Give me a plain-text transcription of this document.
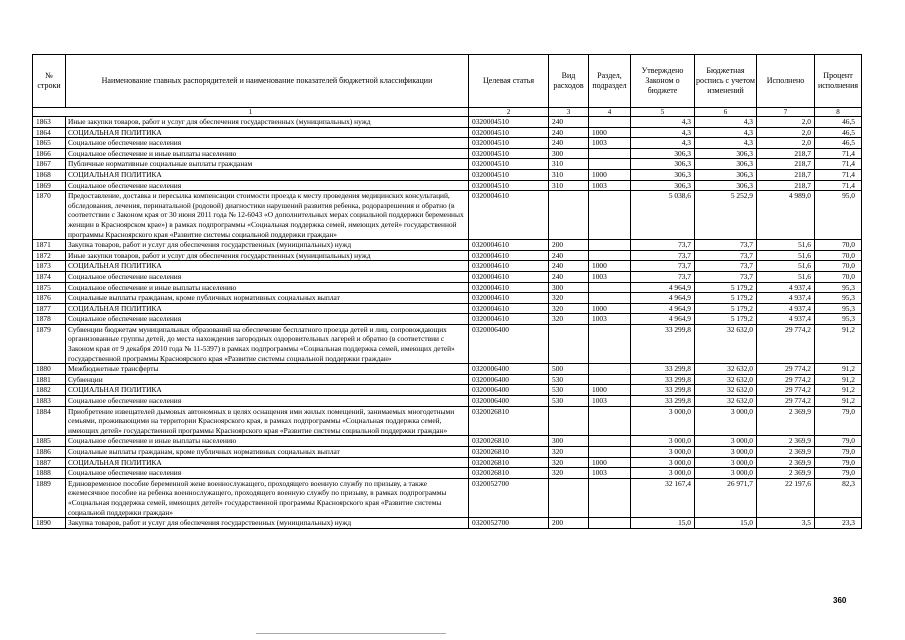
№ строки	Наименование главных распорядителей и наименование показателей бюджетной классификации	Целевая статья	Вид расходов	Раздел, подраздел	Утверждено Законом о бюджете	Бюджетная роспись с учетом изменений	Исполнено	Процент исполнения
1		2	3	4	5	6	7	8
1863	Иные закупки товаров, работ и услуг для обеспечения государственных (муниципальных) нужд	0320004510	240		4,3	4,3	2,0	46,5
1864	СОЦИАЛЬНАЯ ПОЛИТИКА	0320004510	240	1000	4,3	4,3	2,0	46,5
1865	Социальное обеспечение населения	0320004510	240	1003	4,3	4,3	2,0	46,5
1866	Социальное обеспечение и иные выплаты населению	0320004510	300		306,3	306,3	218,7	71,4
1867	Публичные нормативные социальные выплаты гражданам	0320004510	310		306,3	306,3	218,7	71,4
1868	СОЦИАЛЬНАЯ ПОЛИТИКА	0320004510	310	1000	306,3	306,3	218,7	71,4
1869	Социальное обеспечение населения	0320004510	310	1003	306,3	306,3	218,7	71,4
1870	Предоставление, доставка и пересылка компенсации стоимости проезда к месту проведения медицинских консультаций, обследования, лечения, перинатальной (родовой) диагностики нарушений развития ребенка, родоразрешения и обратно (в соответствии с Законом края от 30 июня 2011 года № 12-6043 «О дополнительных мерах социальной поддержки беременных женщин в Красноярском крае») в рамках подпрограммы «Социальная поддержка семей, имеющих детей» государственной программы Красноярского края «Развитие системы социальной поддержки граждан»	0320004610			5 038,6	5 252,9	4 989,0	95,0
1871	Закупка товаров, работ и услуг для обеспечения государственных (муниципальных) нужд	0320004610	200		73,7	73,7	51,6	70,0
1872	Иные закупки товаров, работ и услуг для обеспечения государственных (муниципальных) нужд	0320004610	240		73,7	73,7	51,6	70,0
1873	СОЦИАЛЬНАЯ ПОЛИТИКА	0320004610	240	1000	73,7	73,7	51,6	70,0
1874	Социальное обеспечение населения	0320004610	240	1003	73,7	73,7	51,6	70,0
1875	Социальное обеспечение и иные выплаты населению	0320004610	300		4 964,9	5 179,2	4 937,4	95,3
1876	Социальные выплаты гражданам, кроме публичных нормативных социальных выплат	0320004610	320		4 964,9	5 179,2	4 937,4	95,3
1877	СОЦИАЛЬНАЯ ПОЛИТИКА	0320004610	320	1000	4 964,9	5 179,2	4 937,4	95,3
1878	Социальное обеспечение населения	0320004610	320	1003	4 964,9	5 179,2	4 937,4	95,3
1879	Субвенции бюджетам муниципальных образований на обеспечение бесплатного проезда детей и лиц, сопровождающих организованные группы детей, до места нахождения загородных оздоровительных лагерей и обратно (в соответствии с Законом края от 9 декабря 2010 года № 11-5397) в рамках подпрограммы «Социальная поддержка семей, имеющих детей» государственной программы Красноярского края «Развитие системы социальной поддержки граждан»	0320006400			33 299,8	32 632,0	29 774,2	91,2
1880	Межбюджетные трансферты	0320006400	500		33 299,8	32 632,0	29 774,2	91,2
1881	Субвенции	0320006400	530		33 299,8	32 632,0	29 774,2	91,2
1882	СОЦИАЛЬНАЯ ПОЛИТИКА	0320006400	530	1000	33 299,8	32 632,0	29 774,2	91,2
1883	Социальное обеспечение населения	0320006400	530	1003	33 299,8	32 632,0	29 774,2	91,2
1884	Приобретение извещателей дымовых автономных в целях оснащения ими жилых помещений, занимаемых многодетными семьями, проживающими на территории Красноярского края, в рамках подпрограммы «Социальная поддержка семей, имеющих детей» государственной программы Красноярского края «Развитие системы социальной поддержки граждан»	0320026810			3 000,0	3 000,0	2 369,9	79,0
1885	Социальное обеспечение и иные выплаты населению	0320026810	300		3 000,0	3 000,0	2 369,9	79,0
1886	Социальные выплаты гражданам, кроме публичных нормативных социальных выплат	0320026810	320		3 000,0	3 000,0	2 369,9	79,0
1887	СОЦИАЛЬНАЯ ПОЛИТИКА	0320026810	320	1000	3 000,0	3 000,0	2 369,9	79,0
1888	Социальное обеспечение населения	0320026810	320	1003	3 000,0	3 000,0	2 369,9	79,0
1889	Единовременное пособие беременной жене военнослужащего, проходящего военную службу по призыву, а также ежемесячное пособие на ребенка военнослужащего, проходящего военную службу по призыву, в рамках подпрограммы «Социальная поддержка семей, имеющих детей» государственной программы Красноярского края «Развитие системы социальной поддержки граждан»	0320052700			32 167,4	26 971,7	22 197,6	82,3
1890	Закупка товаров, работ и услуг для обеспечения государственных (муниципальных) нужд	0320052700	200		15,0	15,0	3,5	23,3
360
